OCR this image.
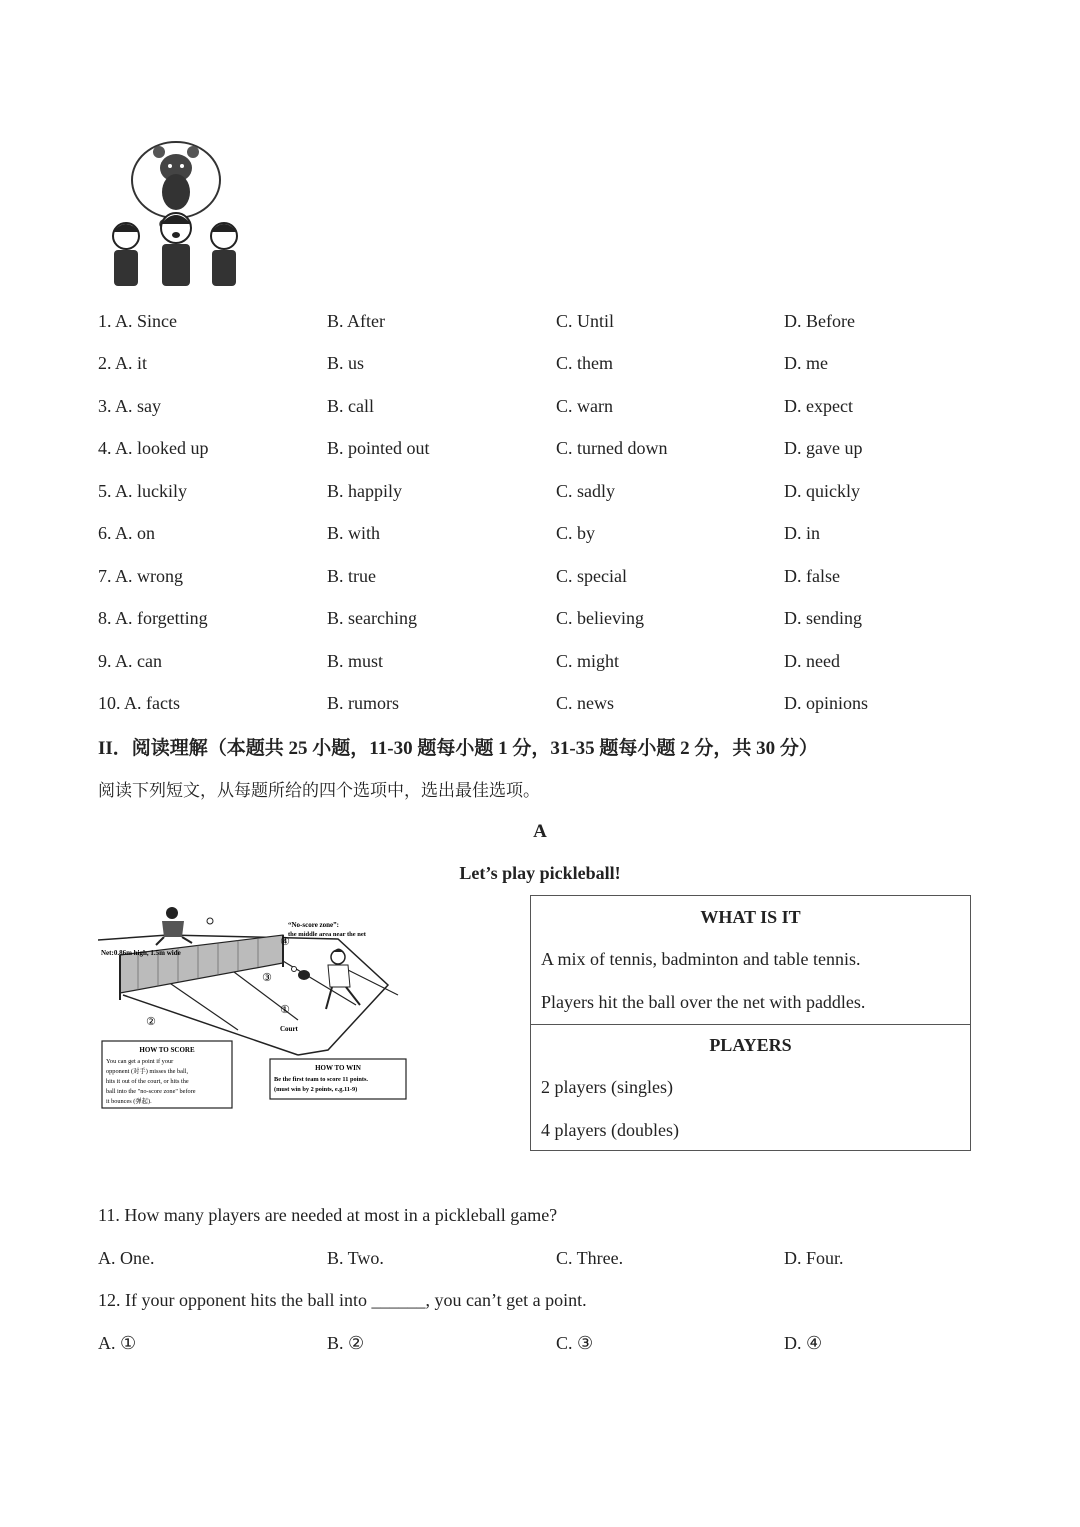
1. A. Since	B. After	C. Until	D. Before
2. A. it	B. us	C. them	D. me
3. A. say	B. call	C. warn	D. expect
4. A. looked up	B. pointed out	C. turned down	D. gave up
5. A. luckily	B. happily	C. sadly	D. quickly
6. A. on	B. with	C. by	D. in
7. A. wrong	B. true	C. special	D. false
8. A. forgetting	B. searching	C. believing	D. sending
9. A. can	B. must	C. might	D. need
10. A. facts	B. rumors	C. news	D. opinions
II．阅读理解（本题共 25 小题，11-30 题每小题 1 分，31-35 题每小题 2 分，共 30 分）
阅读下列短文，从每题所给的四个选项中，选出最佳选项。
A
Let’s play pickleball!
④
③
①
②
“No-score zone”:
the middle area near the net
Net:0.86m high, 1.5m wide
Court
HOW TO SCORE
You can get a point if your
opponent (对手) misses the ball,
hits it out of the court, or hits the
ball into the "no-score zone" before
it bounces (弹起).
HOW TO WIN
Be the first team to score 11 points.
(must win by 2 points, e.g.11-9)
WHAT IS IT
A mix of tennis, badminton and table tennis.
Players hit the ball over the net with paddles.
PLAYERS
2 players (singles)
4 players (doubles)
11. How many players are needed at most in a pickleball game?
A. One.	B. Two.	C. Three.	D. Four.
12. If your opponent hits the ball into ______, you can’t get a point.
A. ①	B. ②	C. ③	D. ④
